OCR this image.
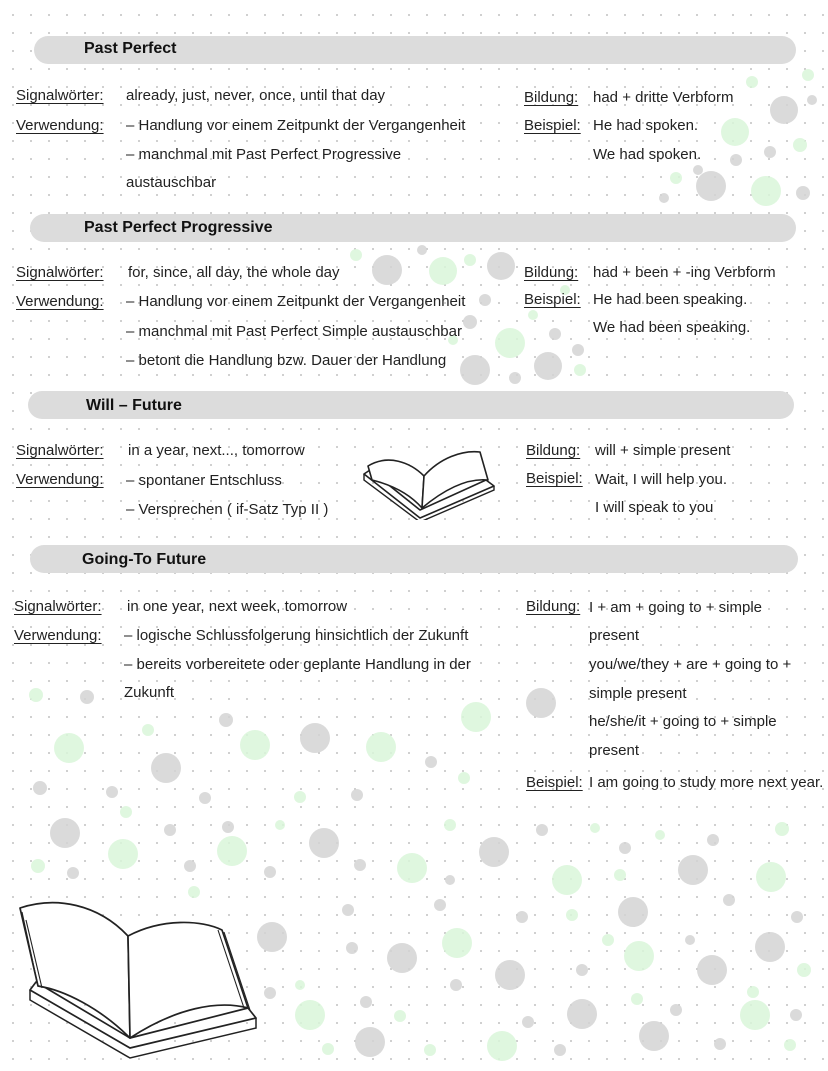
Past Perfect
Signalwörter: already, just, never, once, until that day
Verwendung: – Handlung vor einem Zeitpunkt der Vergangenheit
– manchmal mit Past Perfect Progressive
austauschbar
Bildung: had + dritte Verbform
Beispiel: He had spoken.
We had spoken.
Past Perfect Progressive
Signalwörter: for, since, all day, the whole day
Verwendung: – Handlung vor einem Zeitpunkt der Vergangenheit
– manchmal mit Past Perfect Simple austauschbar
– betont die Handlung bzw. Dauer der Handlung
Bildung: had + been + -ing Verbform
Beispiel: He had been speaking.
We had been speaking.
Will – Future
Signalwörter: in a year, next..., tomorrow
Verwendung: – spontaner Entschluss
– Versprechen ( if-Satz Typ II )
Bildung: will + simple present
Beispiel: Wait, I will help you.
I will speak to you
Going-To Future
Signalwörter: in one year, next week, tomorrow
Verwendung: – logische Schlussfolgerung hinsichtlich der Zukunft
– bereits vorbereitete oder geplante Handlung in der
Zukunft
Bildung: I + am + going to + simple
present
you/we/they + are + going to +
simple present
he/she/it + going to + simple
present
Beispiel: I am going to study more next year.
